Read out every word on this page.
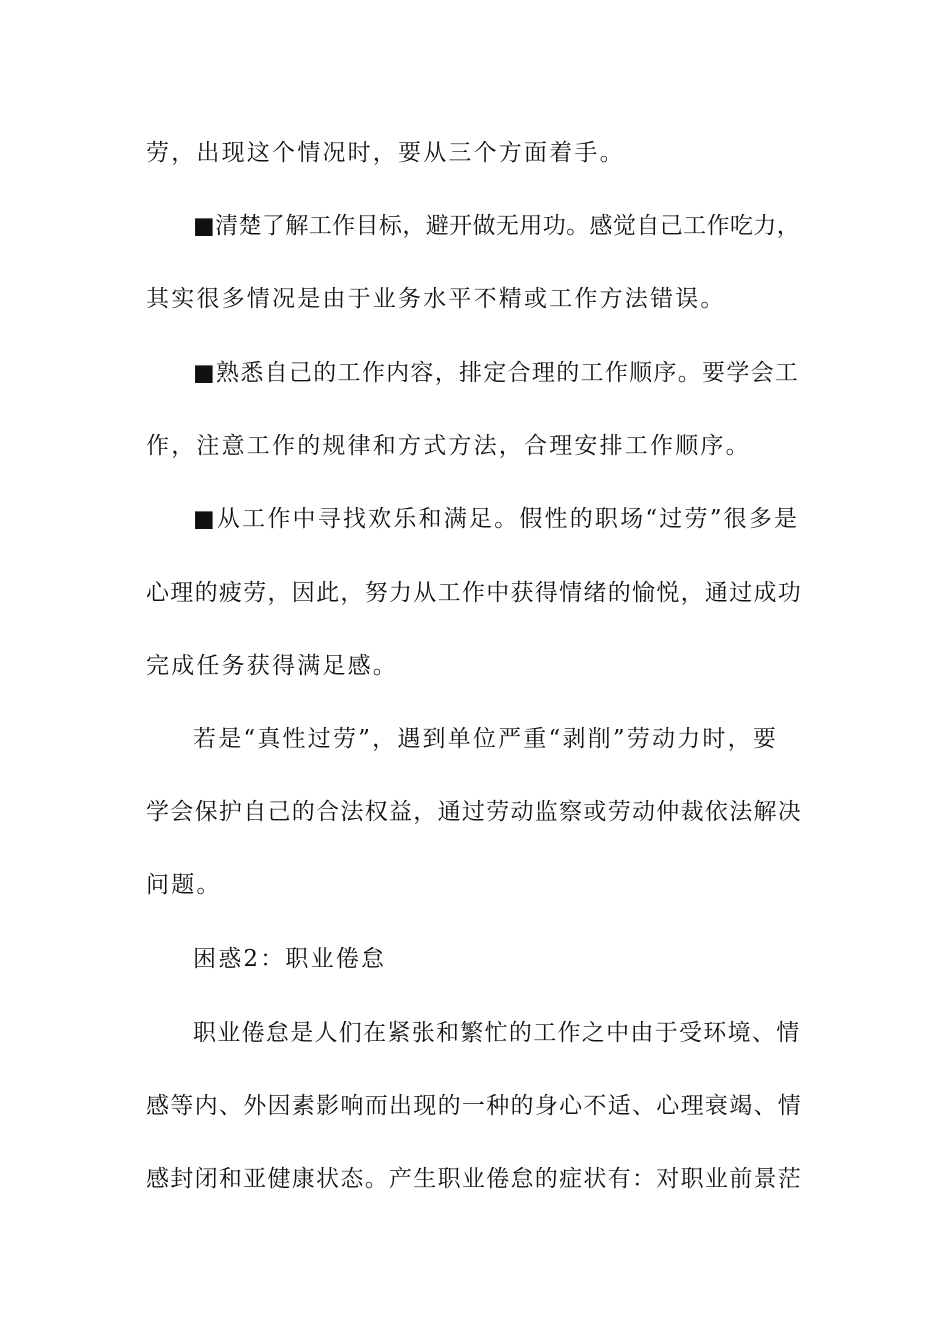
劳，出现这个情况时，要从三个方面着手。
■清楚了解工作目标，避开做无用功。感觉自己工作吃力，
其实很多情况是由于业务水平不精或工作方法错误。
■熟悉自己的工作内容，排定合理的工作顺序。要学会工
作，注意工作的规律和方式方法，合理安排工作顺序。
■从工作中寻找欢乐和满足。假性的职场“过劳”很多是
心理的疲劳，因此，努力从工作中获得情绪的愉悦，通过成功
完成任务获得满足感。
若是“真性过劳”，遇到单位严重“剥削”劳动力时，要
学会保护自己的合法权益，通过劳动监察或劳动仲裁依法解决
问题。
困惑2：职业倦怠
职业倦怠是人们在紧张和繁忙的工作之中由于受环境、情
感等内、外因素影响而出现的一种的身心不适、心理衰竭、情
感封闭和亚健康状态。产生职业倦怠的症状有：对职业前景茫
